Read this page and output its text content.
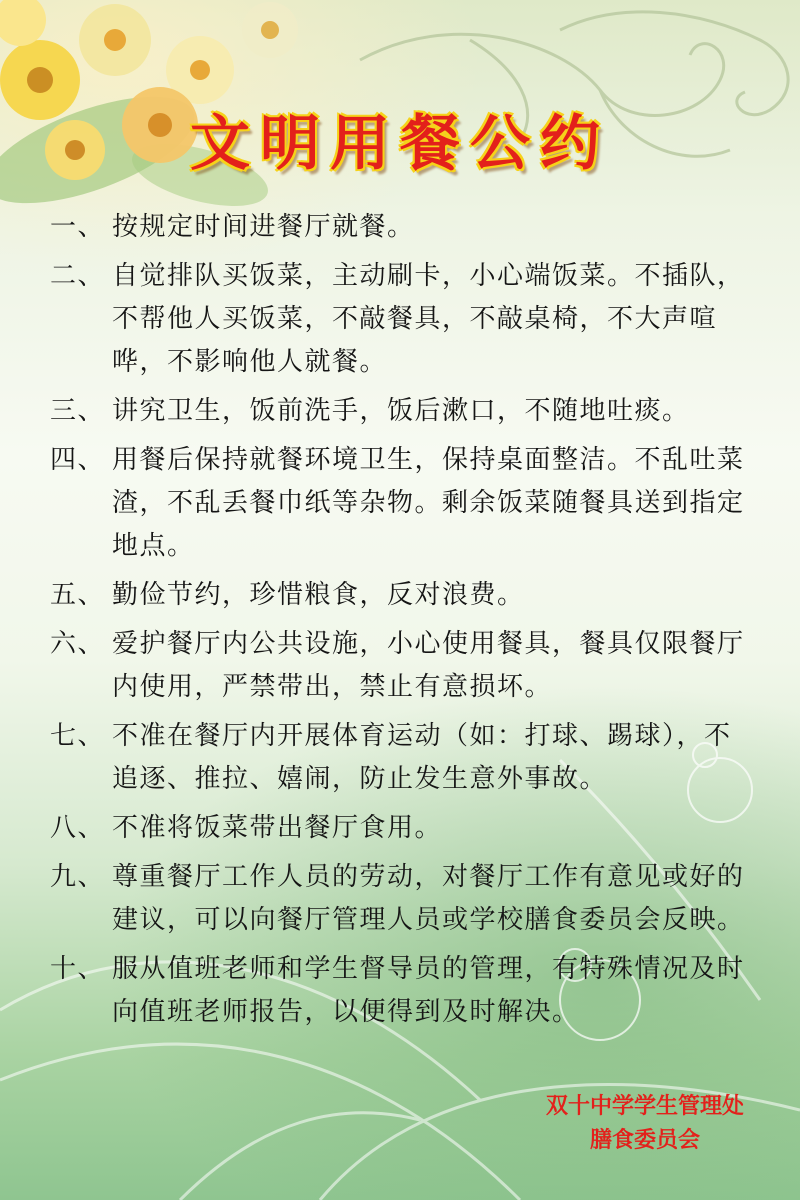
文明用餐公约
一、 按规定时间进餐厅就餐。
二、 自觉排队买饭菜，主动刷卡，小心端饭菜。不插队，不帮他人买饭菜，不敲餐具，不敲桌椅，不大声喧哗，不影响他人就餐。
三、 讲究卫生，饭前洗手，饭后漱口，不随地吐痰。
四、 用餐后保持就餐环境卫生，保持桌面整洁。不乱吐菜渣，不乱丢餐巾纸等杂物。剩余饭菜随餐具送到指定地点。
五、 勤俭节约，珍惜粮食，反对浪费。
六、 爱护餐厅内公共设施，小心使用餐具，餐具仅限餐厅内使用，严禁带出，禁止有意损坏。
七、 不准在餐厅内开展体育运动（如：打球、踢球），不追逐、推拉、嬉闹，防止发生意外事故。
八、 不准将饭菜带出餐厅食用。
九、 尊重餐厅工作人员的劳动，对餐厅工作有意见或好的建议，可以向餐厅管理人员或学校膳食委员会反映。
十、 服从值班老师和学生督导员的管理，有特殊情况及时向值班老师报告，以便得到及时解决。
双十中学学生管理处
膳食委员会
